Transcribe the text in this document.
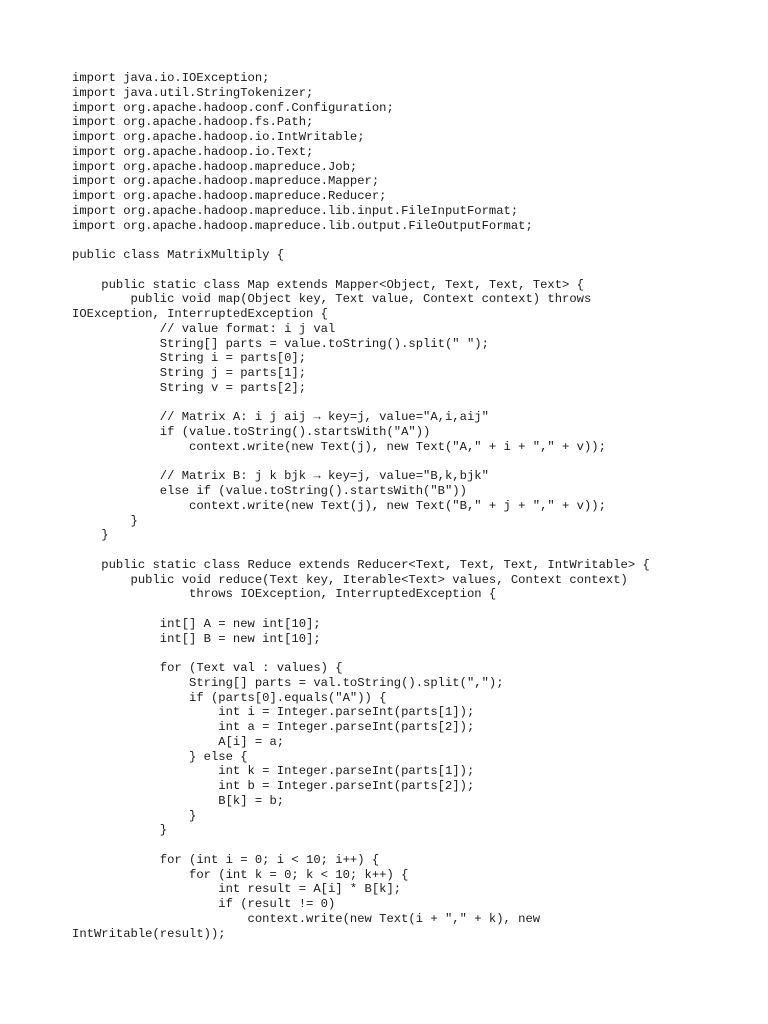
import java.io.IOException;
import java.util.StringTokenizer;
import org.apache.hadoop.conf.Configuration;
import org.apache.hadoop.fs.Path;
import org.apache.hadoop.io.IntWritable;
import org.apache.hadoop.io.Text;
import org.apache.hadoop.mapreduce.Job;
import org.apache.hadoop.mapreduce.Mapper;
import org.apache.hadoop.mapreduce.Reducer;
import org.apache.hadoop.mapreduce.lib.input.FileInputFormat;
import org.apache.hadoop.mapreduce.lib.output.FileOutputFormat;
public class MatrixMultiply {
public static class Map extends Mapper<Object, Text, Text, Text> {
public void map(Object key, Text value, Context context) throws
IOException, InterruptedException {
// value format: i j val
String[] parts = value.toString().split(" ");
String i = parts[0];
String j = parts[1];
String v = parts[2];
// Matrix A: i j aij → key=j, value="A,i,aij"
if (value.toString().startsWith("A"))
context.write(new Text(j), new Text("A," + i + "," + v));
// Matrix B: j k bjk → key=j, value="B,k,bjk"
else if (value.toString().startsWith("B"))
context.write(new Text(j), new Text("B," + j + "," + v));
}
}
public static class Reduce extends Reducer<Text, Text, Text, IntWritable> {
public void reduce(Text key, Iterable<Text> values, Context context)
throws IOException, InterruptedException {
int[] A = new int[10];
int[] B = new int[10];
for (Text val : values) {
String[] parts = val.toString().split(",");
if (parts[0].equals("A")) {
int i = Integer.parseInt(parts[1]);
int a = Integer.parseInt(parts[2]);
A[i] = a;
} else {
int k = Integer.parseInt(parts[1]);
int b = Integer.parseInt(parts[2]);
B[k] = b;
}
}
for (int i = 0; i < 10; i++) {
for (int k = 0; k < 10; k++) {
int result = A[i] * B[k];
if (result != 0)
context.write(new Text(i + "," + k), new
IntWritable(result));
